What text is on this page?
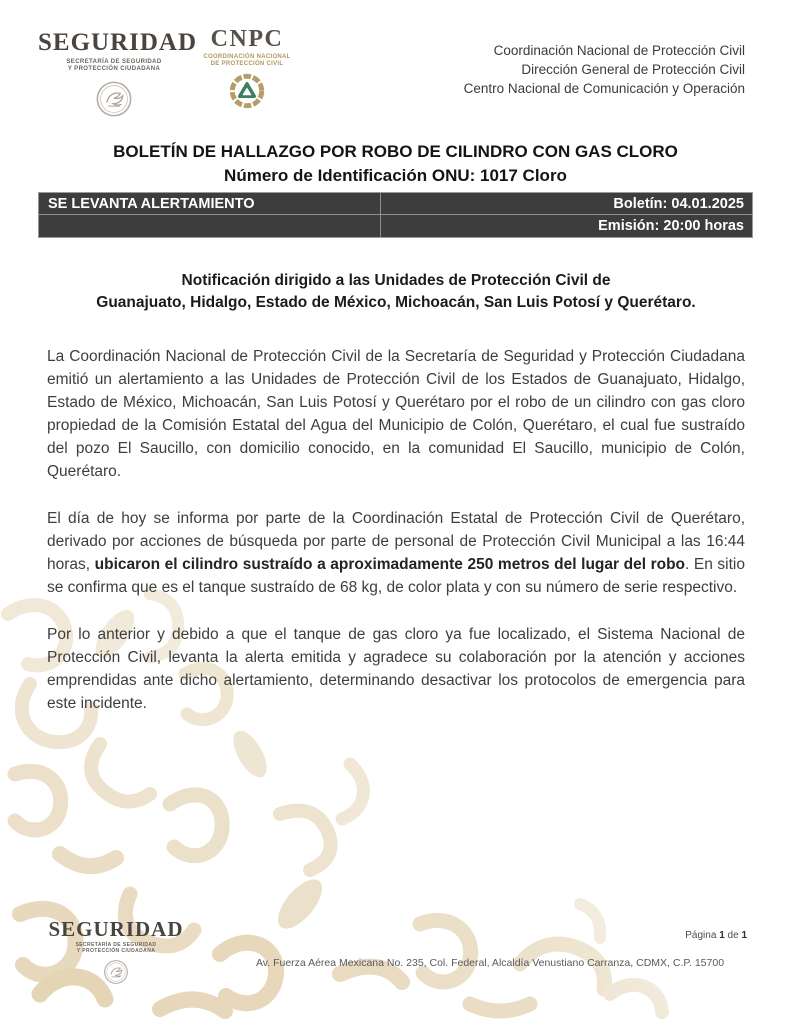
SEGURIDAD
SECRETARÍA DE SEGURIDAD
Y PROTECCIÓN CIUDADANA
CNPC
COORDINACIÓN NACIONAL
DE PROTECCIÓN CIVIL
Coordinación Nacional de Protección Civil
Dirección General de Protección Civil
Centro Nacional de Comunicación y Operación
BOLETÍN DE HALLAZGO POR ROBO DE CILINDRO CON GAS CLORO
Número de Identificación ONU: 1017 Cloro
SE LEVANTA ALERTAMIENTO	Boletín: 04.01.2025
Emisión: 20:00 horas
Notificación dirigido a las Unidades de Protección Civil de
Guanajuato, Hidalgo, Estado de México, Michoacán, San Luis Potosí y Querétaro.

La Coordinación Nacional de Protección Civil de la Secretaría de Seguridad y Protección Ciudadana emitió un alertamiento a las Unidades de Protección Civil de los Estados de Guanajuato, Hidalgo, Estado de México, Michoacán, San Luis Potosí y Querétaro por el robo de un cilindro con gas cloro propiedad de la Comisión Estatal del Agua del Municipio de Colón, Querétaro, el cual fue sustraído del pozo El Saucillo, con domicilio conocido, en la comunidad El Saucillo, municipio de Colón, Querétaro.

El día de hoy se informa por parte de la Coordinación Estatal de Protección Civil de Querétaro, derivado por acciones de búsqueda por parte de personal de Protección Civil Municipal a las 16:44 horas, ubicaron el cilindro sustraído a aproximadamente 250 metros del lugar del robo. En sitio se confirma que es el tanque sustraído de 68 kg, de color plata y con su número de serie respectivo.

Por lo anterior y debido a que el tanque de gas cloro ya fue localizado, el Sistema Nacional de Protección Civil, levanta la alerta emitida y agradece su colaboración por la atención y acciones emprendidas ante dicho alertamiento, determinando desactivar los protocolos de emergencia para este incidente.

SEGURIDAD
SECRETARÍA DE SEGURIDAD
Y PROTECCIÓN CIUDADANA
Página 1 de 1
Av. Fuerza Aérea Mexicana No. 235, Col. Federal, Alcaldía Venustiano Carranza, CDMX, C.P. 15700
